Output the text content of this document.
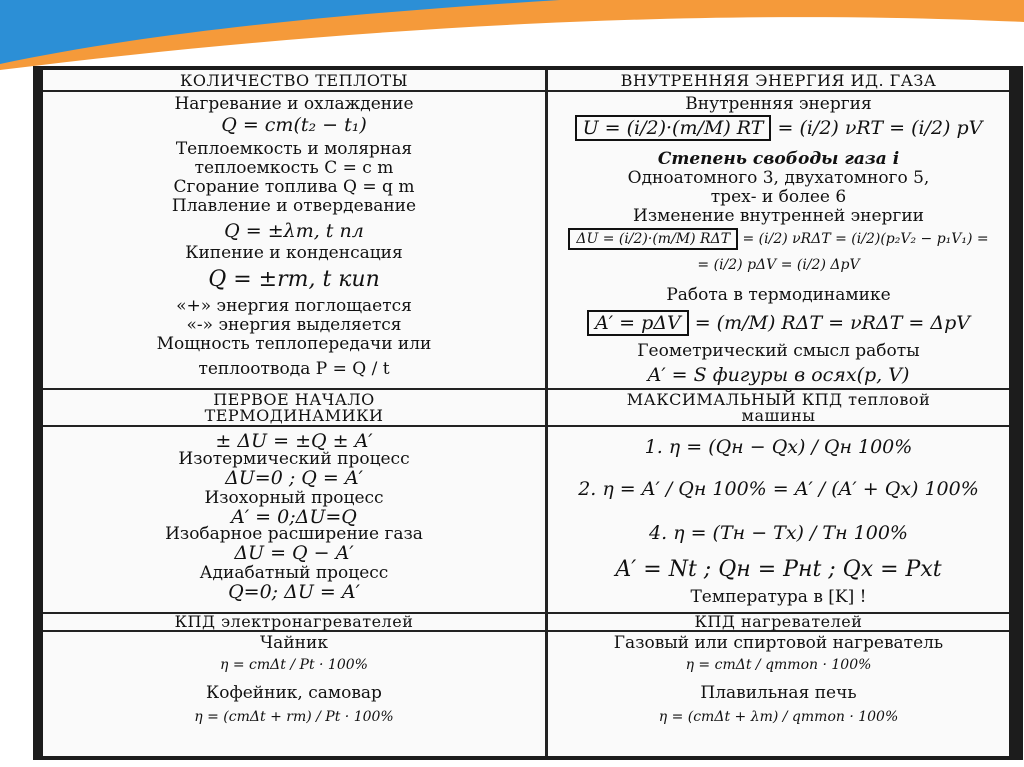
КОЛИЧЕСТВО ТЕПЛОТЫ
Нагревание и охлаждение
Q = cm(t₂ − t₁)
Теплоемкость и молярная
теплоемкость C = c m
Сгорание топлива Q = q m
Плавление и отвердевание
Q = ±λm, t пл
Кипение и конденсация
Q = ±rm, t кип
«+» энергия поглощается
«-» энергия выделяется
Мощность теплопередачи или
теплоотвода P = Q / t
ПЕРВОЕ НАЧАЛО
ТЕРМОДИНАМИКИ
± ΔU = ±Q ± A′
Изотермический процесс
ΔU=0 ; Q = A′
Изохорный процесс
A′ = 0;ΔU=Q
Изобарное расширение газа
ΔU = Q − A′
Адиабатный процесс
Q=0; ΔU = A′
КПД электронагревателей
Чайник
η = cmΔt / Pt · 100%
Кофейник, самовар
η = (cmΔt + rm) / Pt · 100%
ВНУТРЕННЯЯ ЭНЕРГИЯ ИД. ГАЗА
Внутренняя энергия
U = (i/2)·(m/M) RT = (i/2) νRT = (i/2) pV
Степень свободы газа i
Одноатомного 3, двухатомного 5,
трех- и более 6
Изменение внутренней энергии
ΔU = (i/2)·(m/M) RΔT = (i/2) νRΔT = (i/2)(p₂V₂ − p₁V₁) =
= (i/2) pΔV = (i/2) ΔpV
Работа в термодинамике
A′ = pΔV = (m/M) RΔT = νRΔT = ΔpV
Геометрический смысл работы
A′ = S фигуры в осях(p, V)
МАКСИМАЛЬНЫЙ КПД тепловой
машины
1. η = (Qн − Qх) / Qн 100%
2. η = A′ / Qн 100% = A′ / (A′ + Qх) 100%
4. η = (Tн − Tх) / Tн 100%
A′ = Nt ; Qн = Pнt ; Qх = Pхt
Температура в [K] !
КПД нагревателей
Газовый или спиртовой нагреватель
η = cmΔt / qmтоп · 100%
Плавильная печь
η = (cmΔt + λm) / qmтоп · 100%
